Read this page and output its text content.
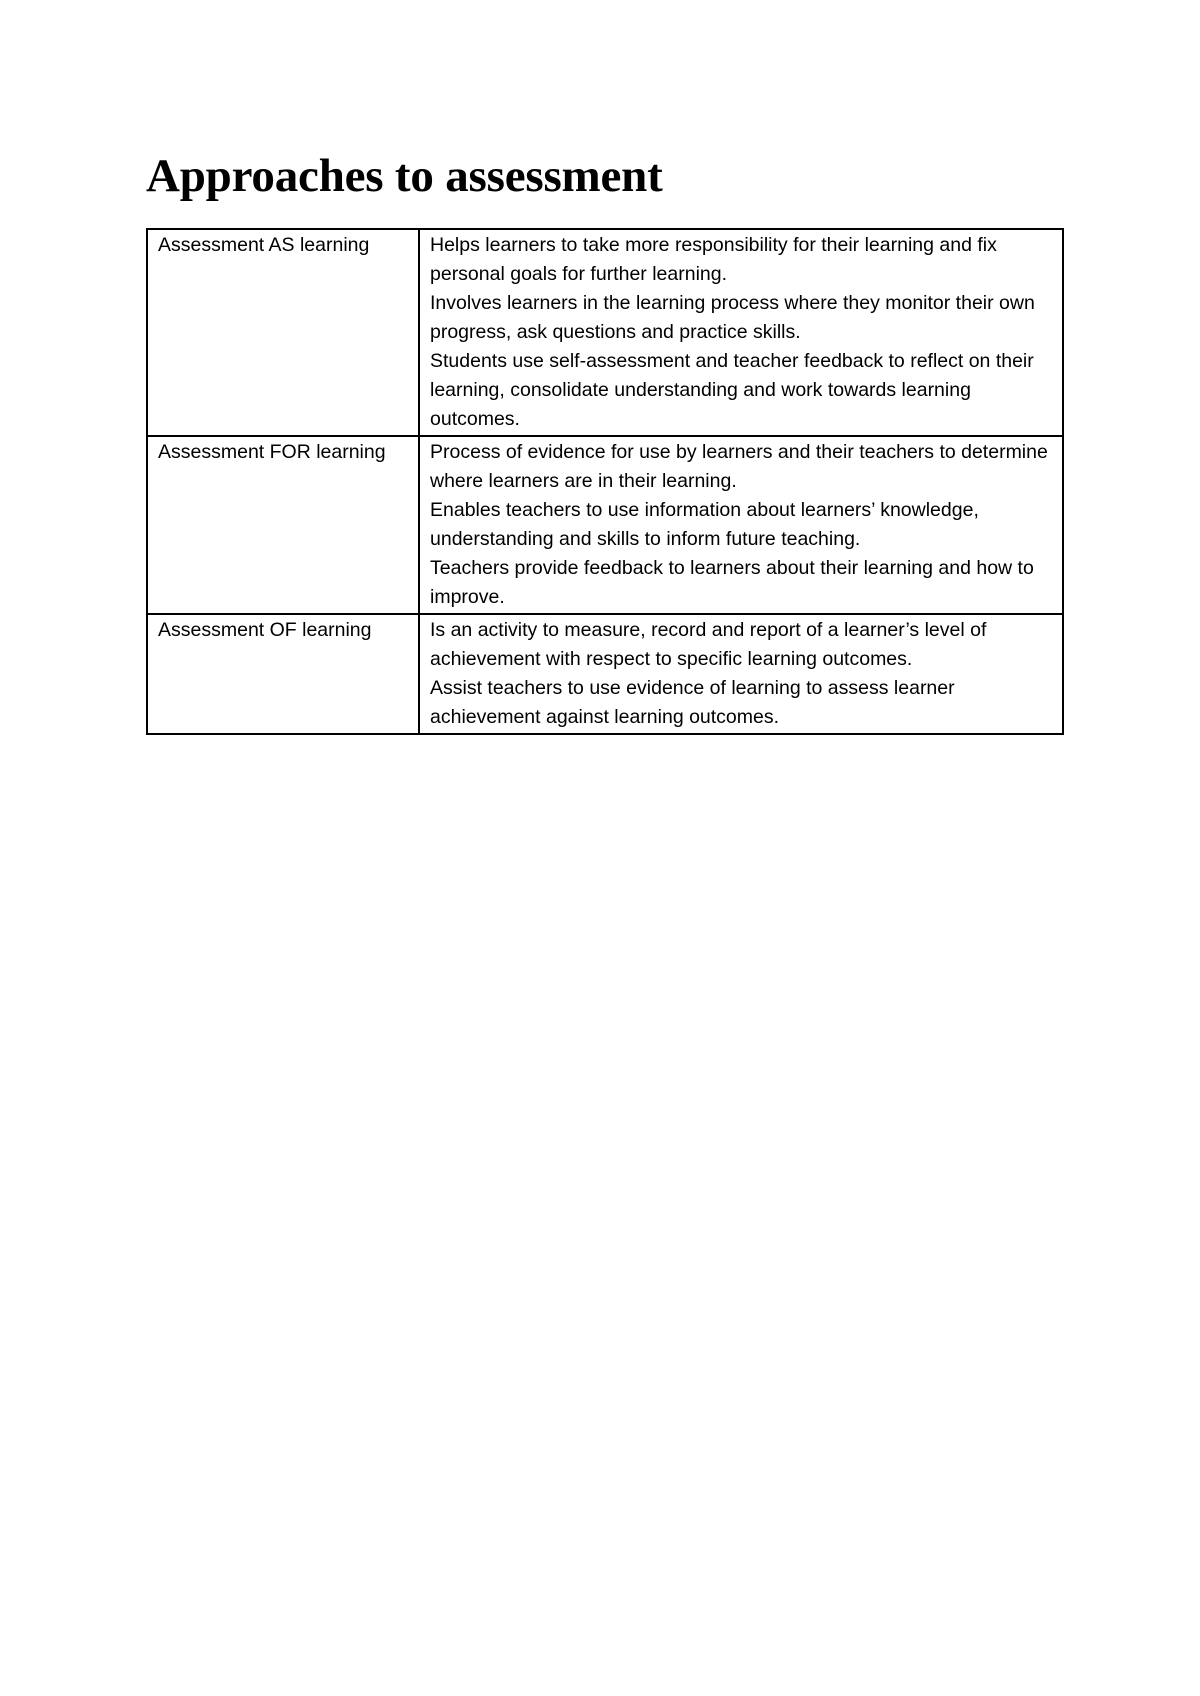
Approaches to assessment
Assessment AS learning	Helps learners to take more responsibility for their learning and fix personal goals for further learning.
Involves learners in the learning process where they monitor their own progress, ask questions and practice skills.
Students use self-assessment and teacher feedback to reflect on their learning, consolidate understanding and work towards learning outcomes.

Assessment FOR learning	Process of evidence for use by learners and their teachers to determine where learners are in their learning.
Enables teachers to use information about learners’ knowledge, understanding and skills to inform future teaching.
Teachers provide feedback to learners about their learning and how to improve.

Assessment OF learning	Is an activity to measure, record and report of a learner’s level of achievement with respect to specific learning outcomes.
Assist teachers to use evidence of learning to assess learner achievement against learning outcomes.
